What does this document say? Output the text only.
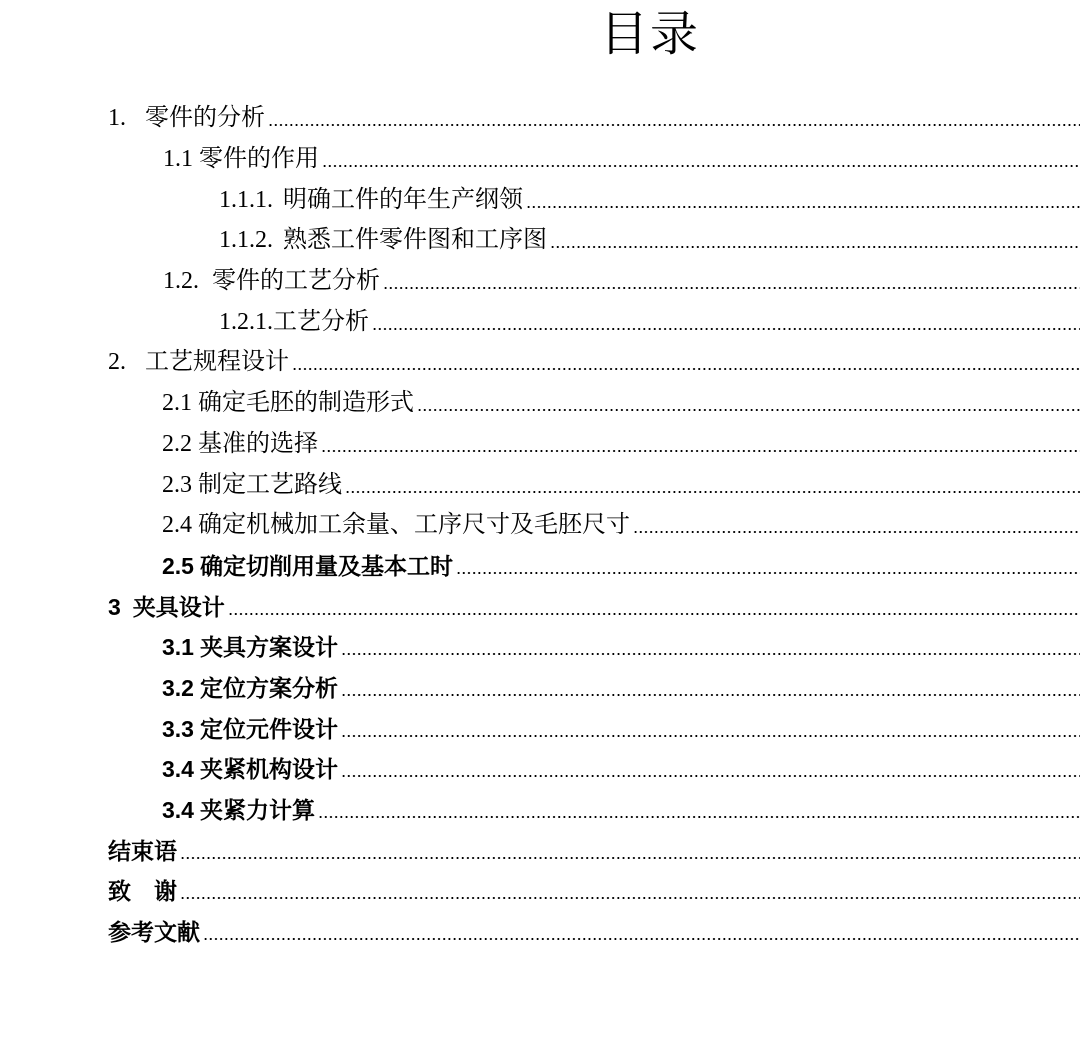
目录
1. 零件的分析
1.1 零件的作用
1.1.1. 明确工件的年生产纲领
1.1.2. 熟悉工件零件图和工序图
1.2. 零件的工艺分析
1.2.1.工艺分析
2. 工艺规程设计
2.1 确定毛胚的制造形式
2.2 基准的选择
2.3 制定工艺路线
2.4 确定机械加工余量、工序尺寸及毛胚尺寸
2.5 确定切削用量及基本工时
3 夹具设计
3.1 夹具方案设计
3.2 定位方案分析
3.3 定位元件设计
3.4 夹紧机构设计
3.4 夹紧力计算
结束语
致　谢
参考文献
